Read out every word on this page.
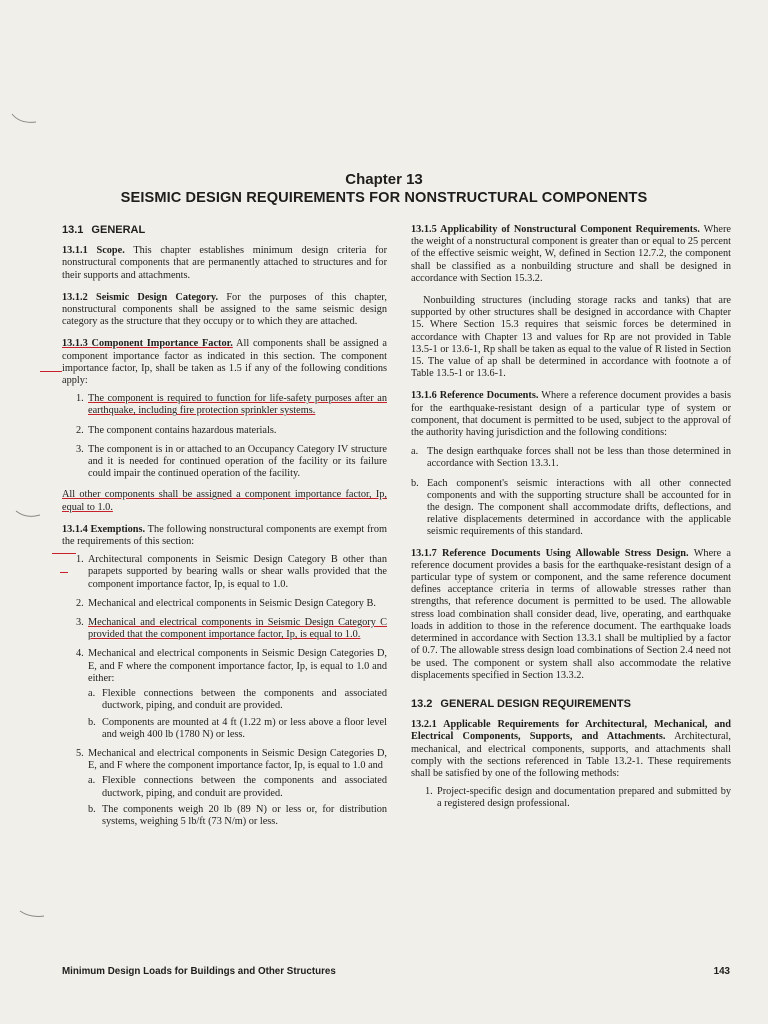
Chapter 13
SEISMIC DESIGN REQUIREMENTS FOR NONSTRUCTURAL COMPONENTS
13.1 GENERAL

13.1.1 Scope. This chapter establishes minimum design criteria for nonstructural components that are permanently attached to structures and for their supports and attachments.

13.1.2 Seismic Design Category. For the purposes of this chapter, nonstructural components shall be assigned to the same seismic design category as the structure that they occupy or to which they are attached.

13.1.3 Component Importance Factor. All components shall be assigned a component importance factor as indicated in this section. The component importance factor, Ip, shall be taken as 1.5 if any of the following conditions apply:

1. The component is required to function for life-safety purposes after an earthquake, including fire protection sprinkler systems.
2. The component contains hazardous materials.
3. The component is in or attached to an Occupancy Category IV structure and it is needed for continued operation of the facility or its failure could impair the continued operation of the facility.

All other components shall be assigned a component importance factor, Ip, equal to 1.0.

13.1.4 Exemptions. The following nonstructural components are exempt from the requirements of this section:

1. Architectural components in Seismic Design Category B other than parapets supported by bearing walls or shear walls provided that the component importance factor, Ip, is equal to 1.0.
2. Mechanical and electrical components in Seismic Design Category B.
3. Mechanical and electrical components in Seismic Design Category C provided that the component importance factor, Ip, is equal to 1.0.
4. Mechanical and electrical components in Seismic Design Categories D, E, and F where the component importance factor, Ip, is equal to 1.0 and either:
a. Flexible connections between the components and associated ductwork, piping, and conduit are provided.
b. Components are mounted at 4 ft (1.22 m) or less above a floor level and weigh 400 lb (1780 N) or less.
5. Mechanical and electrical components in Seismic Design Categories D, E, and F where the component importance factor, Ip, is equal to 1.0 and
a. Flexible connections between the components and associated ductwork, piping, and conduit are provided.
b. The components weigh 20 lb (89 N) or less or, for distribution systems, weighing 5 lb/ft (73 N/m) or less.

13.1.5 Applicability of Nonstructural Component Requirements. Where the weight of a nonstructural component is greater than or equal to 25 percent of the effective seismic weight, W, defined in Section 12.7.2, the component shall be classified as a nonbuilding structure and shall be designed in accordance with Section 15.3.2.

Nonbuilding structures (including storage racks and tanks) that are supported by other structures shall be designed in accordance with Chapter 15. Where Section 15.3 requires that seismic forces be determined in accordance with Chapter 13 and values for Rp are not provided in Table 13.5-1 or 13.6-1, Rp shall be taken as equal to the value of R listed in Section 15. The value of ap shall be determined in accordance with footnote a of Table 13.5-1 or 13.6-1.

13.1.6 Reference Documents. Where a reference document provides a basis for the earthquake-resistant design of a particular type of system or component, that document is permitted to be used, subject to the approval of the authority having jurisdiction and the following conditions:

a. The design earthquake forces shall not be less than those determined in accordance with Section 13.3.1.
b. Each component's seismic interactions with all other connected components and with the supporting structure shall be accounted for in the design. The component shall accommodate drifts, deflections, and relative displacements determined in accordance with the applicable seismic requirements of this standard.

13.1.7 Reference Documents Using Allowable Stress Design. Where a reference document provides a basis for the earthquake-resistant design of a particular type of system or component, and the same reference document defines acceptance criteria in terms of allowable stresses rather than strengths, that reference document is permitted to be used. The allowable stress load combination shall consider dead, live, operating, and earthquake loads in addition to those in the reference document. The earthquake loads determined in accordance with Section 13.3.1 shall be multiplied by a factor of 0.7. The allowable stress design load combinations of Section 2.4 need not be used. The component or system shall also accommodate the relative displacements specified in Section 13.3.2.

13.2 GENERAL DESIGN REQUIREMENTS

13.2.1 Applicable Requirements for Architectural, Mechanical, and Electrical Components, Supports, and Attachments. Architectural, mechanical, and electrical components, supports, and attachments shall comply with the sections referenced in Table 13.2-1. These requirements shall be satisfied by one of the following methods:

1. Project-specific design and documentation prepared and submitted by a registered design professional.
Minimum Design Loads for Buildings and Other Structures	143
